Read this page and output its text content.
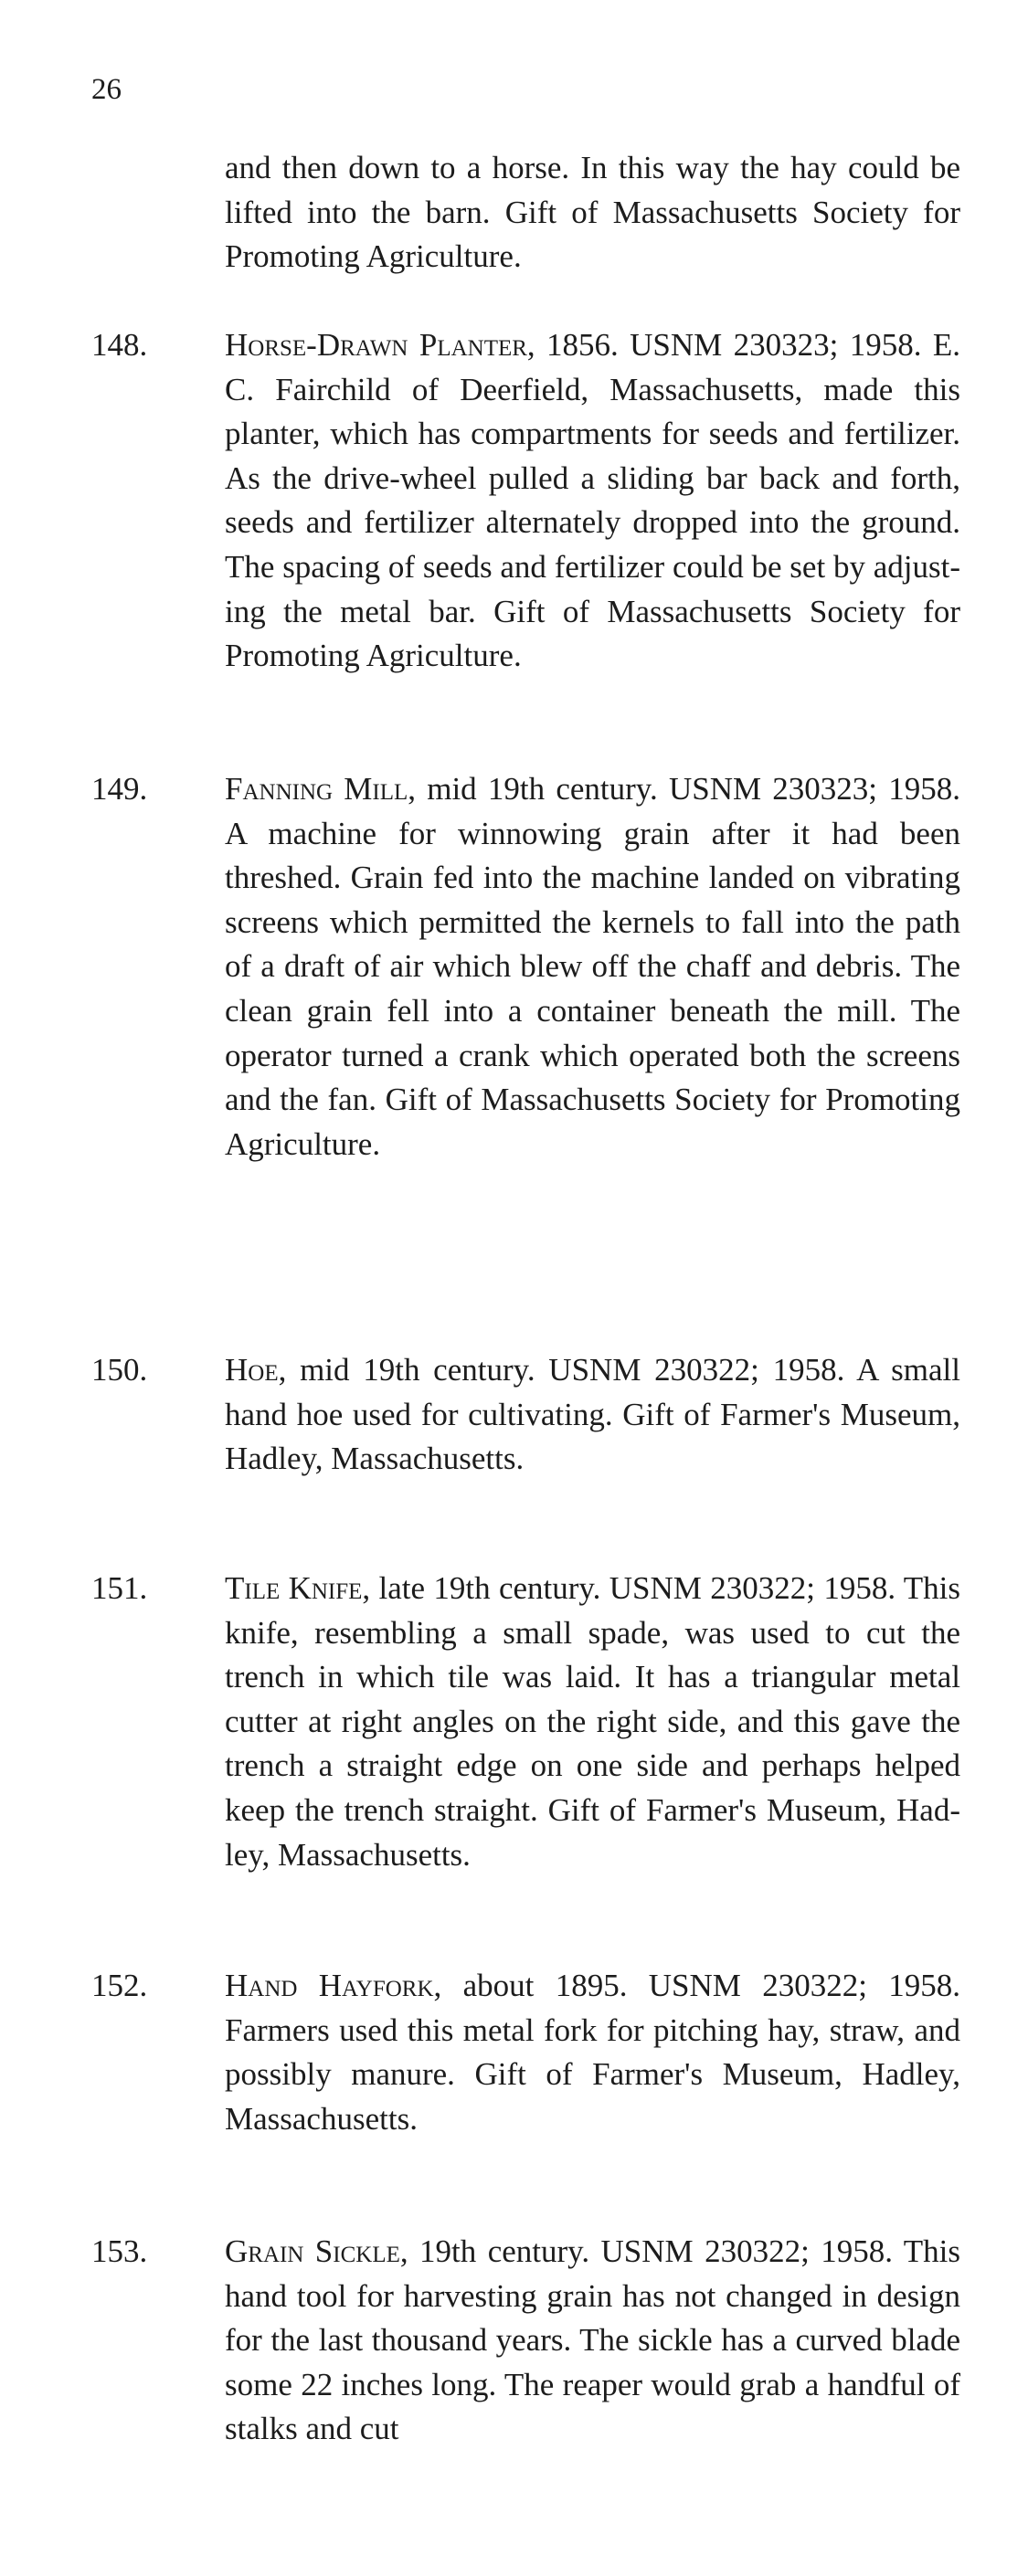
26
and then down to a horse. In this way the hay could be lifted into the barn. Gift of Massachusetts Society for Promoting Agriculture.
148.	Horse-Drawn Planter, 1856. USNM 230323; 1958. E. C. Fairchild of Deerfield, Massachusetts, made this planter, which has compartments for seeds and fertilizer. As the drive-wheel pulled a sliding bar back and forth, seeds and fertilizer alternately dropped into the ground. The spacing of seeds and fertilizer could be set by adjusting the metal bar. Gift of Massachusetts Society for Promoting Agriculture.
149.	Fanning Mill, mid 19th century. USNM 230323; 1958. A machine for winnowing grain after it had been threshed. Grain fed into the machine landed on vibrating screens which permitted the kernels to fall into the path of a draft of air which blew off the chaff and debris. The clean grain fell into a container beneath the mill. The operator turned a crank which operated both the screens and the fan. Gift of Massachusetts Society for Promoting Agriculture.
150.	Hoe, mid 19th century. USNM 230322; 1958. A small hand hoe used for cultivating. Gift of Farmer's Museum, Hadley, Massachusetts.
151.	Tile Knife, late 19th century. USNM 230322; 1958. This knife, resembling a small spade, was used to cut the trench in which tile was laid. It has a triangular metal cutter at right angles on the right side, and this gave the trench a straight edge on one side and perhaps helped keep the trench straight. Gift of Farmer's Museum, Hadley, Massachusetts.
152.	Hand Hayfork, about 1895. USNM 230322; 1958. Farmers used this metal fork for pitching hay, straw, and possibly manure. Gift of Farmer's Museum, Hadley, Massachusetts.
153.	Grain Sickle, 19th century. USNM 230322; 1958. This hand tool for harvesting grain has not changed in design for the last thousand years. The sickle has a curved blade some 22 inches long. The reaper would grab a handful of stalks and cut
